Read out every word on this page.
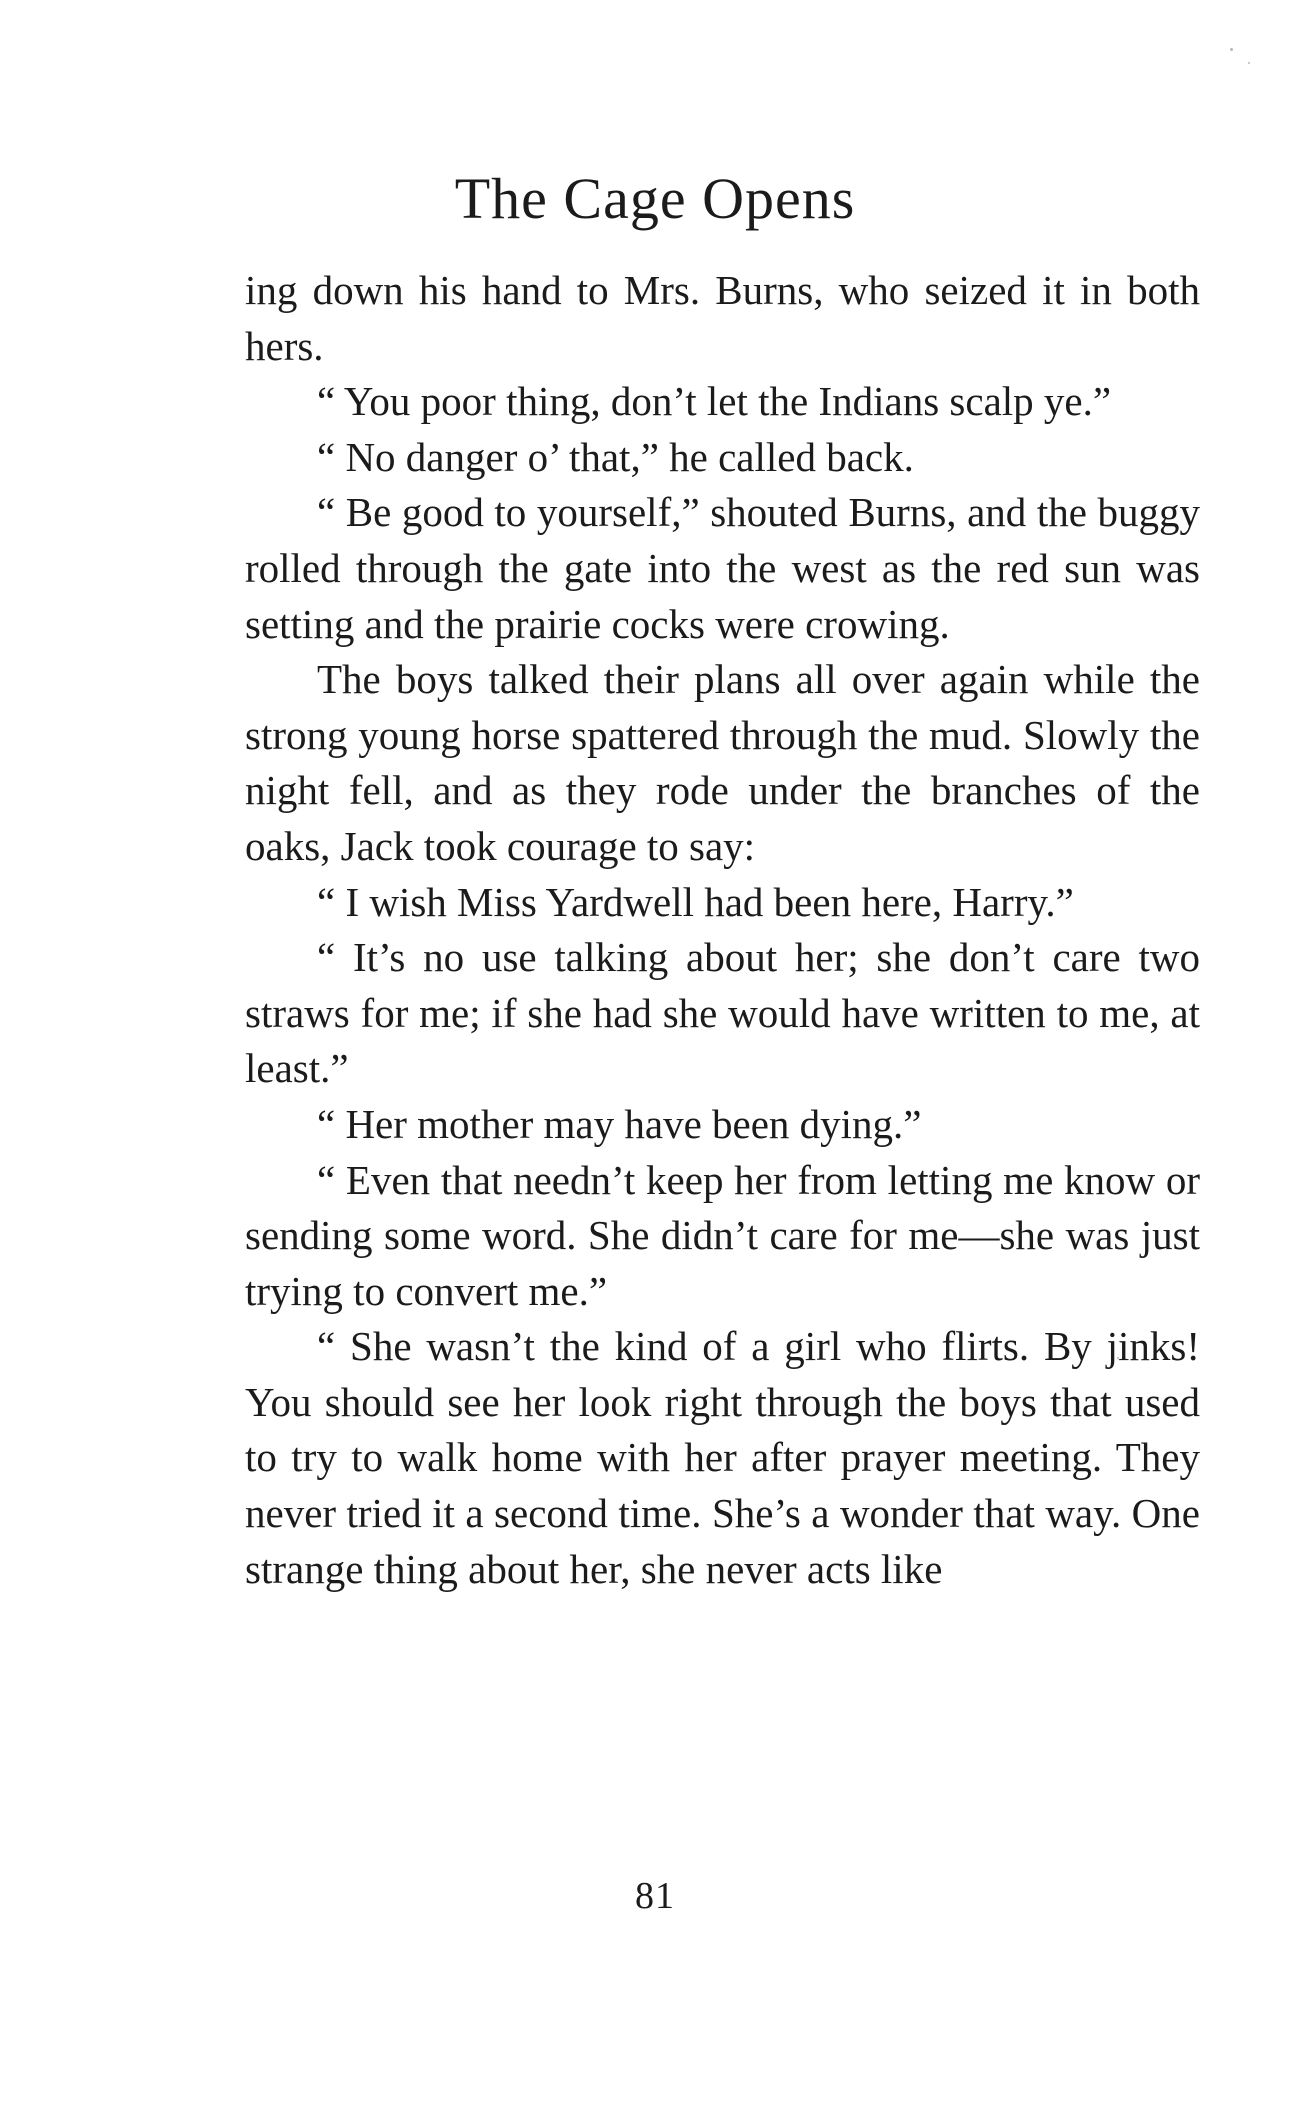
The Cage Opens

ing down his hand to Mrs. Burns, who seized it in both hers.

“ You poor thing, don’t let the Indians scalp ye.”

“ No danger o’ that,” he called back.

“ Be good to yourself,” shouted Burns, and the buggy rolled through the gate into the west as the red sun was setting and the prairie cocks were crowing.

The boys talked their plans all over again while the strong young horse spattered through the mud. Slowly the night fell, and as they rode under the branches of the oaks, Jack took courage to say:

“ I wish Miss Yardwell had been here, Harry.”

“ It’s no use talking about her; she don’t care two straws for me; if she had she would have written to me, at least.”

“ Her mother may have been dying.”

“ Even that needn’t keep her from letting me know or sending some word. She didn’t care for me—she was just trying to convert me.”

“ She wasn’t the kind of a girl who flirts. By jinks! You should see her look right through the boys that used to try to walk home with her after prayer meeting. They never tried it a second time. She’s a wonder that way. One strange thing about her, she never acts like

81
